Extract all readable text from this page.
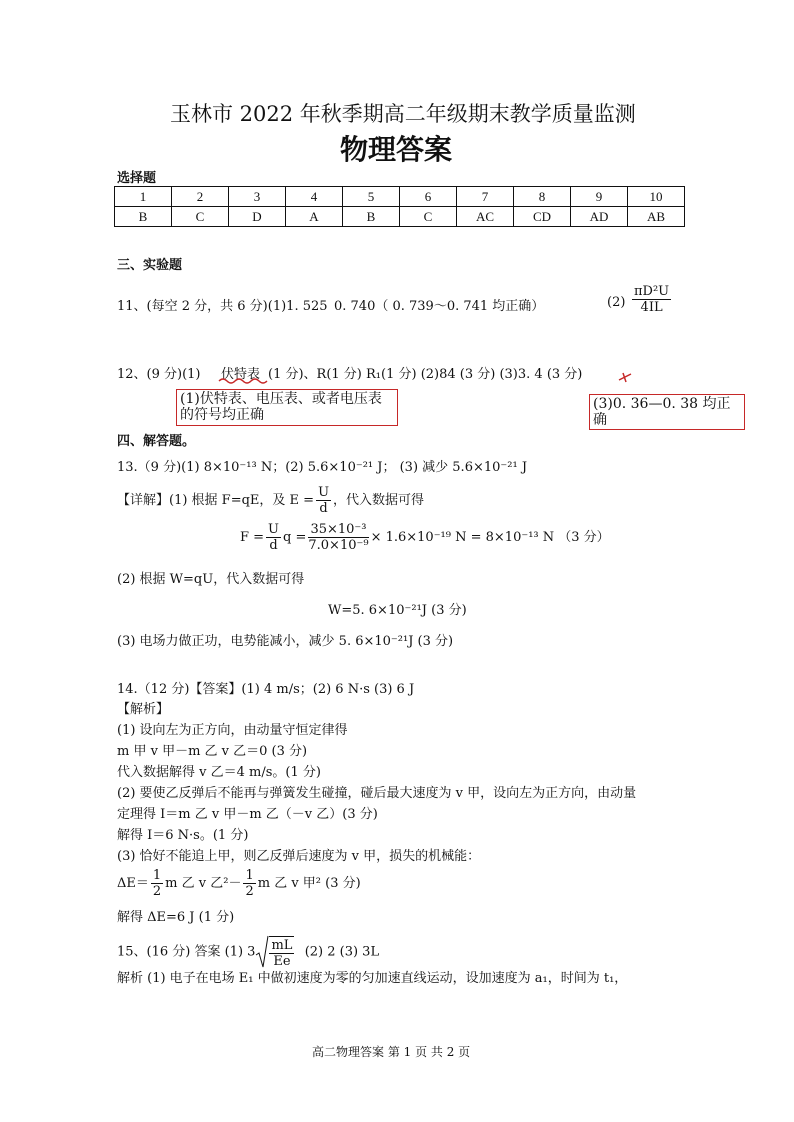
玉林市 2022 年秋季期高二年级期末教学质量监测
物理答案
选择题
1	2	3	4	5	6	7	8	9	10
B	C	D	A	B	C	AC	CD	AD	AB
三、实验题
11、(每空 2 分，共 6 分)(1)1. 525 0. 740（ 0. 739～0. 741 均正确）	$(2) \frac{\text{πD²U}}{4IL}$
12、(9 分)(1) 伏特表 (1 分)、R(1 分) R₁(1 分) (2)84 (3 分) (3)3. 4 (3 分)
(1)伏特表、电压表、或者电压表的符号均正确
(3)0. 36—0. 38 均正确
四、解答题。
13.（9 分)(1) 8×10⁻¹³ N；(2) 5.6×10⁻²¹ J； (3) 减少 5.6×10⁻²¹ J
【详解】(1) 根据 F=qE，及 $E = \frac{U}{d}$ ，代入数据可得
$F = \frac{U}{d}$ $q = \frac{\text{35×10⁻³}}{\text{7.0×10⁻⁹}} \times 1.6\times 10^{-19}$ N = 8×10⁻¹³ N （3 分）
(2) 根据 W=qU，代入数据可得
W=5. 6×10⁻²¹J (3 分)
(3) 电场力做正功，电势能减小，减少 5. 6×10⁻²¹J (3 分)
14.（12 分)【答案】(1) 4 m/s；(2) 6 N·s (3) 6 J
【解析】
(1) 设向左为正方向，由动量守恒定律得
m 甲 v 甲－m 乙 v 乙＝0 (3 分)
代入数据解得 v 乙＝4 m/s。(1 分)
(2) 要使乙反弹后不能再与弹簧发生碰撞，碰后最大速度为 v 甲，设向左为正方向，由动量
定理得 I＝m 乙 v 甲－m 乙（－v 乙）(3 分)
解得 I＝6 N·s。(1 分)
(3) 恰好不能追上甲，则乙反弹后速度为 v 甲，损失的机械能：
$\Delta E= \frac{1}{2}$ m 乙 v 乙$^2- \frac{1}{2}$ m 乙 v 甲² (3 分)
解得 ΔE=6 J (1 分)
15、(16 分) 答案 (1) $3 \frac{mL}{Ee} (2)$ 2 (3) 3L
解析 (1) 电子在电场 E₁ 中做初速度为零的匀加速直线运动，设加速度为 a₁，时间为 t₁，
高二物理答案 第 1 页 共 2 页
